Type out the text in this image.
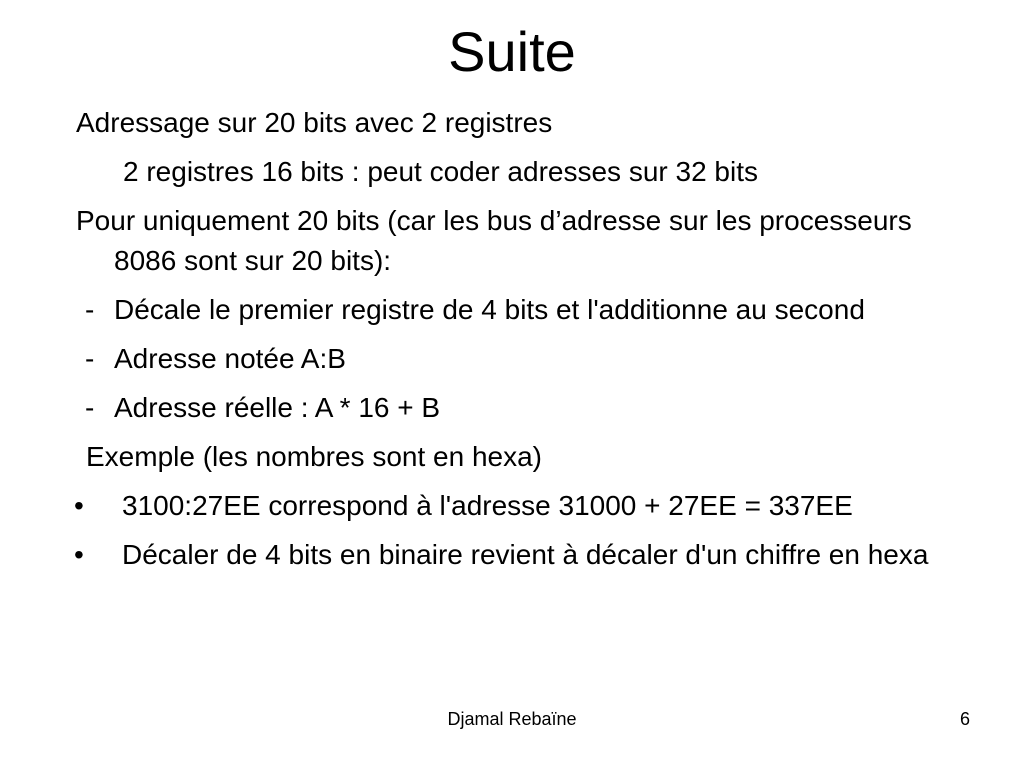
Suite
Adressage sur 20 bits avec 2 registres
2 registres 16 bits : peut coder adresses sur 32 bits
Pour uniquement 20 bits (car les bus d’adresse sur les processeurs 8086 sont sur 20 bits):
- Décale le premier registre de 4 bits et l'additionne au second
- Adresse notée A:B
- Adresse réelle : A * 16 + B
Exemple (les nombres sont en hexa)
• 3100:27EE correspond à l'adresse 31000 + 27EE = 337EE
• Décaler de 4 bits en binaire revient à décaler d'un chiffre en hexa
Djamal Rebaïne	6
